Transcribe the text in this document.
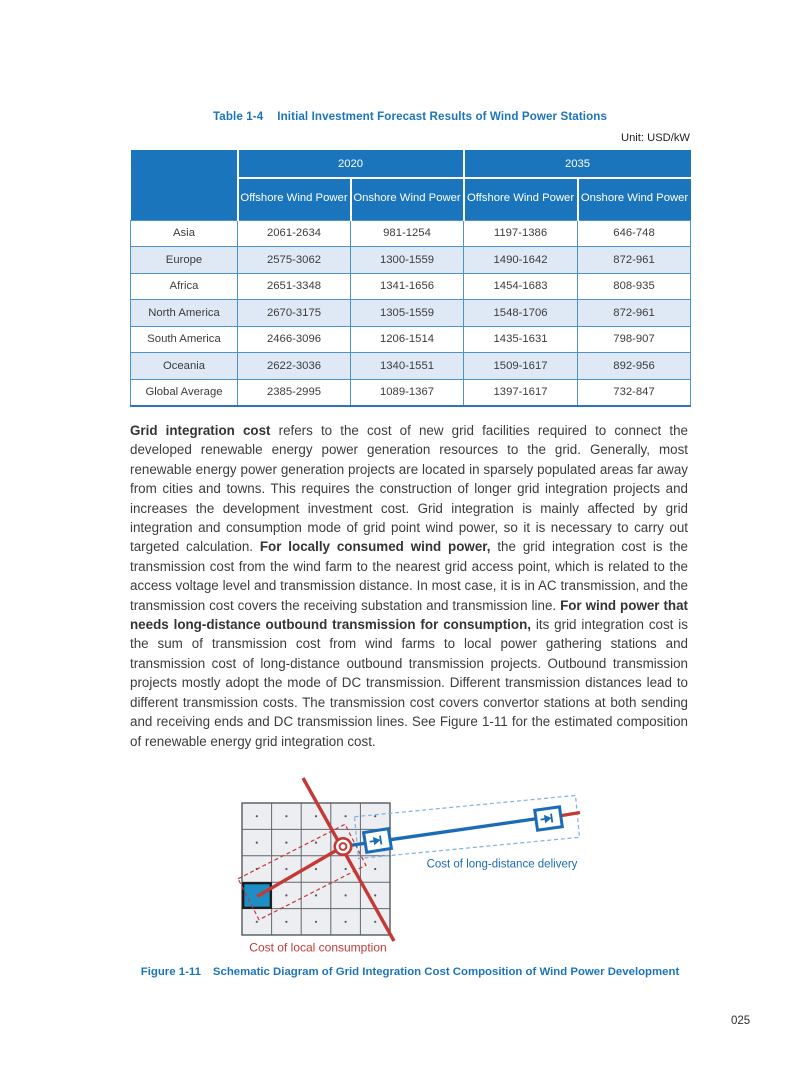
Table 1-4 Initial Investment Forecast Results of Wind Power Stations
Unit: USD/kW
	2020		2035	
	Offshore Wind Power	Onshore Wind Power	Offshore Wind Power	Onshore Wind Power
Asia	2061-2634	981-1254	1197-1386	646-748
Europe	2575-3062	1300-1559	1490-1642	872-961
Africa	2651-3348	1341-1656	1454-1683	808-935
North America	2670-3175	1305-1559	1548-1706	872-961
South America	2466-3096	1206-1514	1435-1631	798-907
Oceania	2622-3036	1340-1551	1509-1617	892-956
Global Average	2385-2995	1089-1367	1397-1617	732-847

Grid integration cost refers to the cost of new grid facilities required to connect the developed renewable energy power generation resources to the grid. Generally, most renewable energy power generation projects are located in sparsely populated areas far away from cities and towns. This requires the construction of longer grid integration projects and increases the development investment cost. Grid integration is mainly affected by grid integration and consumption mode of grid point wind power, so it is necessary to carry out targeted calculation. For locally consumed wind power, the grid integration cost is the transmission cost from the wind farm to the nearest grid access point, which is related to the access voltage level and transmission distance. In most case, it is in AC transmission, and the transmission cost covers the receiving substation and transmission line. For wind power that needs long-distance outbound transmission for consumption, its grid integration cost is the sum of transmission cost from wind farms to local power gathering stations and transmission cost of long-distance outbound transmission projects. Outbound transmission projects mostly adopt the mode of DC transmission. Different transmission distances lead to different transmission costs. The transmission cost covers convertor stations at both sending and receiving ends and DC transmission lines. See Figure 1-11 for the estimated composition of renewable energy grid integration cost.

Cost of long-distance delivery
Cost of local consumption
Figure 1-11 Schematic Diagram of Grid Integration Cost Composition of Wind Power Development
025
